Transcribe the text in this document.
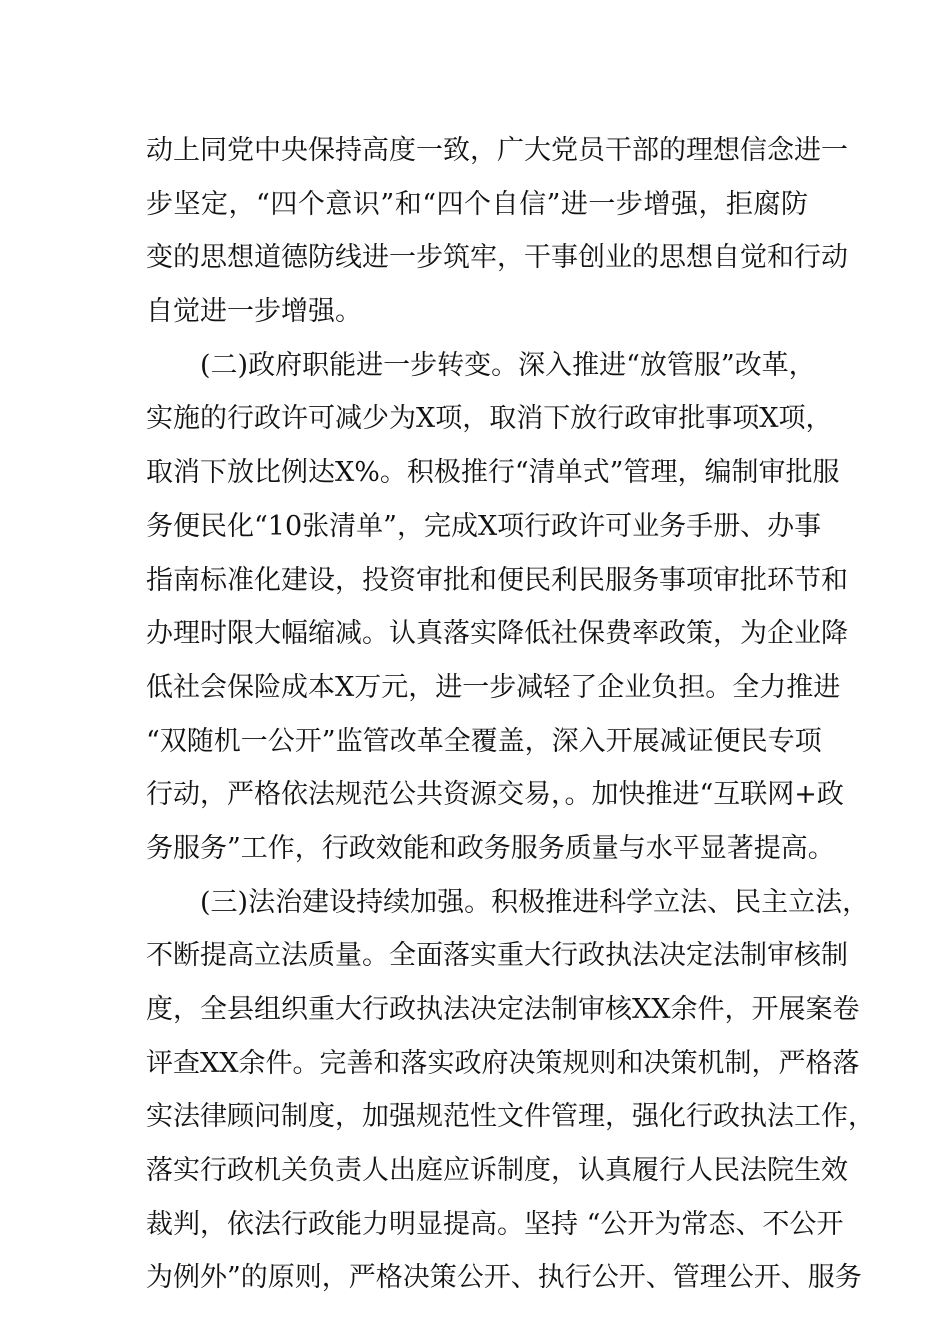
动上同党中央保持高度一致，广大党员干部的理想信念进一
步坚定，“四个意识”和“四个自信”进一步增强，拒腐防
变的思想道德防线进一步筑牢，干事创业的思想自觉和行动
自觉进一步增强。
(二)政府职能进一步转变。深入推进“放管服”改革，
实施的行政许可减少为X项，取消下放行政审批事项X项，
取消下放比例达X%。积极推行“清单式”管理，编制审批服
务便民化“10张清单”，完成X项行政许可业务手册、办事
指南标准化建设，投资审批和便民利民服务事项审批环节和
办理时限大幅缩减。认真落实降低社保费率政策，为企业降
低社会保险成本X万元，进一步减轻了企业负担。全力推进
“双随机一公开”监管改革全覆盖，深入开展减证便民专项
行动，严格依法规范公共资源交易，。加快推进“互联网+政
务服务”工作，行政效能和政务服务质量与水平显著提高。
(三)法治建设持续加强。积极推进科学立法、民主立法，
不断提高立法质量。全面落实重大行政执法决定法制审核制
度，全县组织重大行政执法决定法制审核XX余件，开展案卷
评查XX余件。完善和落实政府决策规则和决策机制，严格落
实法律顾问制度，加强规范性文件管理，强化行政执法工作，
落实行政机关负责人出庭应诉制度，认真履行人民法院生效
裁判，依法行政能力明显提高。坚持 “公开为常态、不公开
为例外”的原则，严格决策公开、执行公开、管理公开、服务
